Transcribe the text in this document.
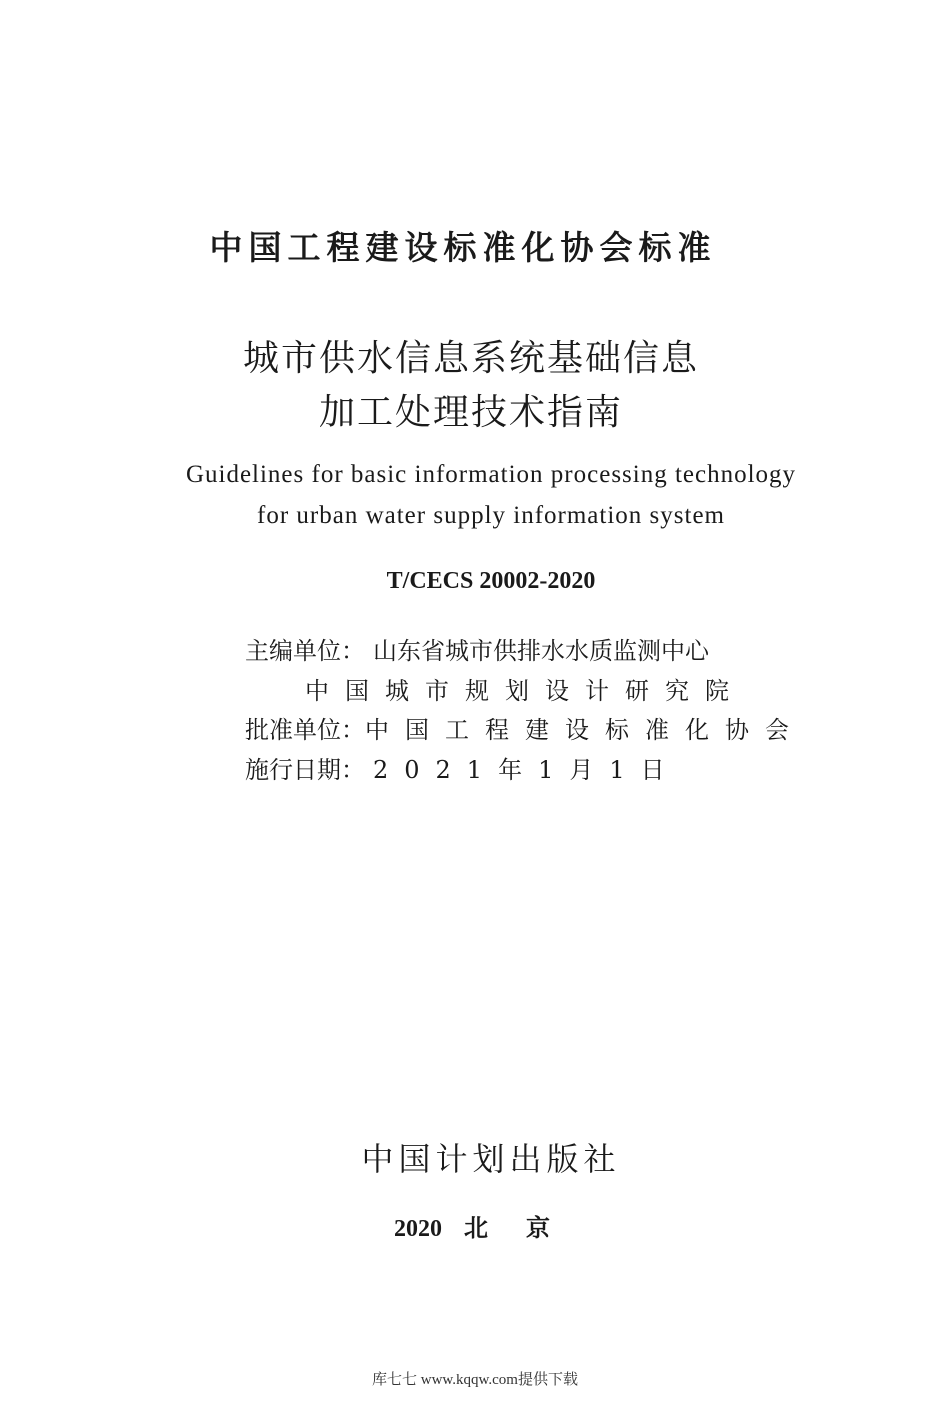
中国工程建设标准化协会标准
城市供水信息系统基础信息
加工处理技术指南
Guidelines for basic information processing technology
for urban water supply information system
T/CECS 20002-2020
主编单位： 山东省城市供排水水质监测中心
中国城市规划设计研究院
批准单位： 中国工程建设标准化协会
施行日期： 2021年1月1日
中国计划出版社
2020 北京
库七七 www.kqqw.com提供下载
